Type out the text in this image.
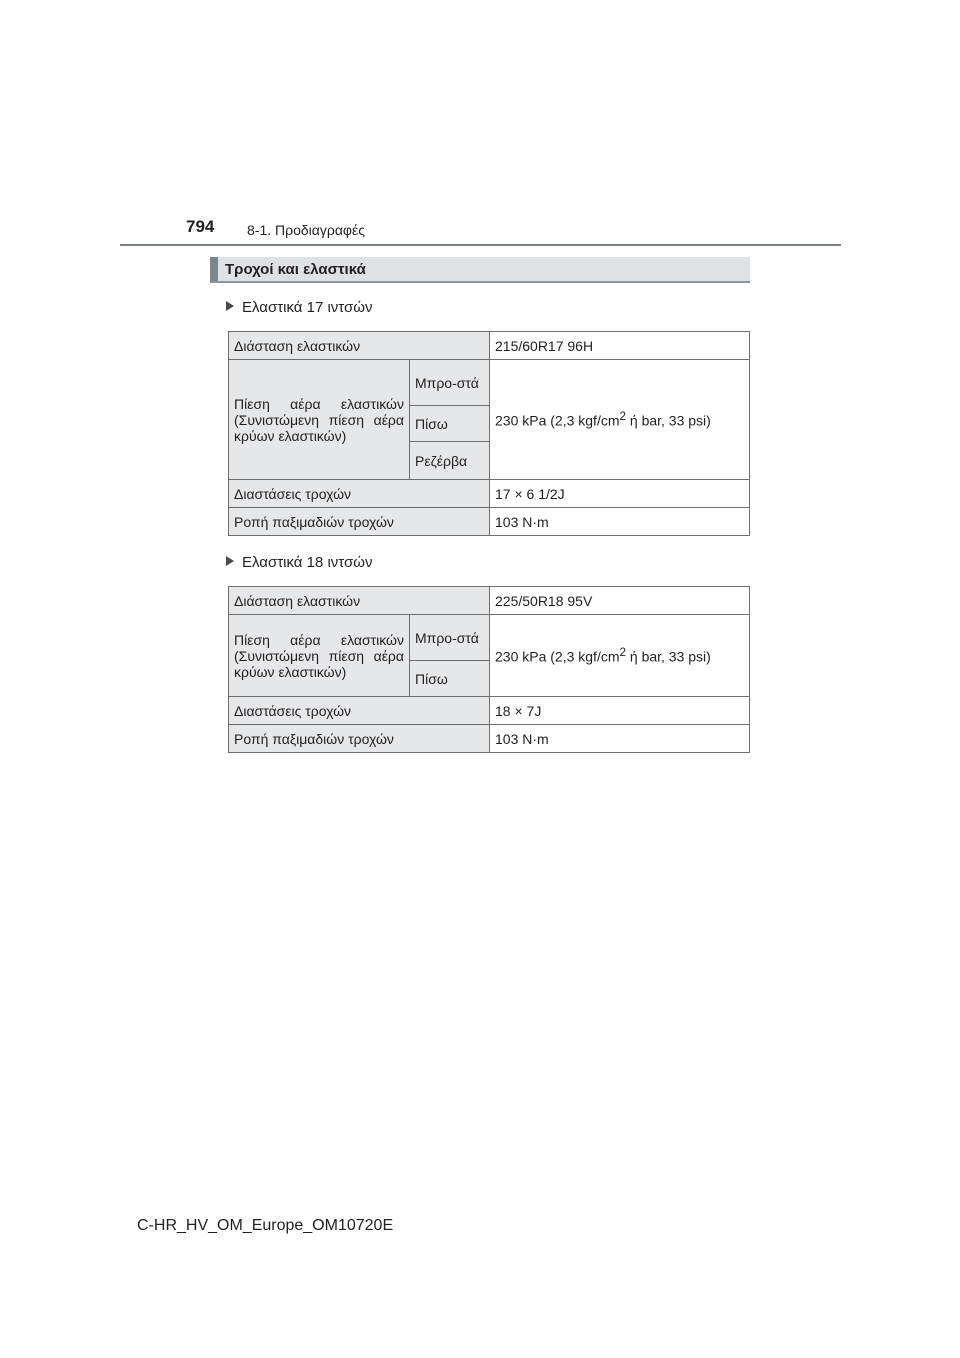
794 8-1. Προδιαγραφές
Τροχοί και ελαστικά
Ελαστικά 17 ιντσών
Διάσταση ελαστικών		215/60R17 96H
Πίεση αέρα ελαστικών (Συνιστώμενη πίεση αέρα κρύων ελαστικών)	Μπρο-στά	230 kPa (2,3 kgf/$cm^2$ ή bar, 33 psi)
	Πίσω	
	Ρεζέρβα	
Διαστάσεις τροχών		17 × 6 1/2J
Ροπή παξιμαδιών τροχών		103 N·m
Ελαστικά 18 ιντσών
Διάσταση ελαστικών		225/50R18 95V
Πίεση αέρα ελαστικών (Συνιστώμενη πίεση αέρα κρύων ελαστικών)	Μπρο-στά	230 kPa (2,3 kgf/$cm^2$ ή bar, 33 psi)
	Πίσω	
Διαστάσεις τροχών		18 × 7J
Ροπή παξιμαδιών τροχών		103 N·m
C-HR_HV_OM_Europe_OM10720E
